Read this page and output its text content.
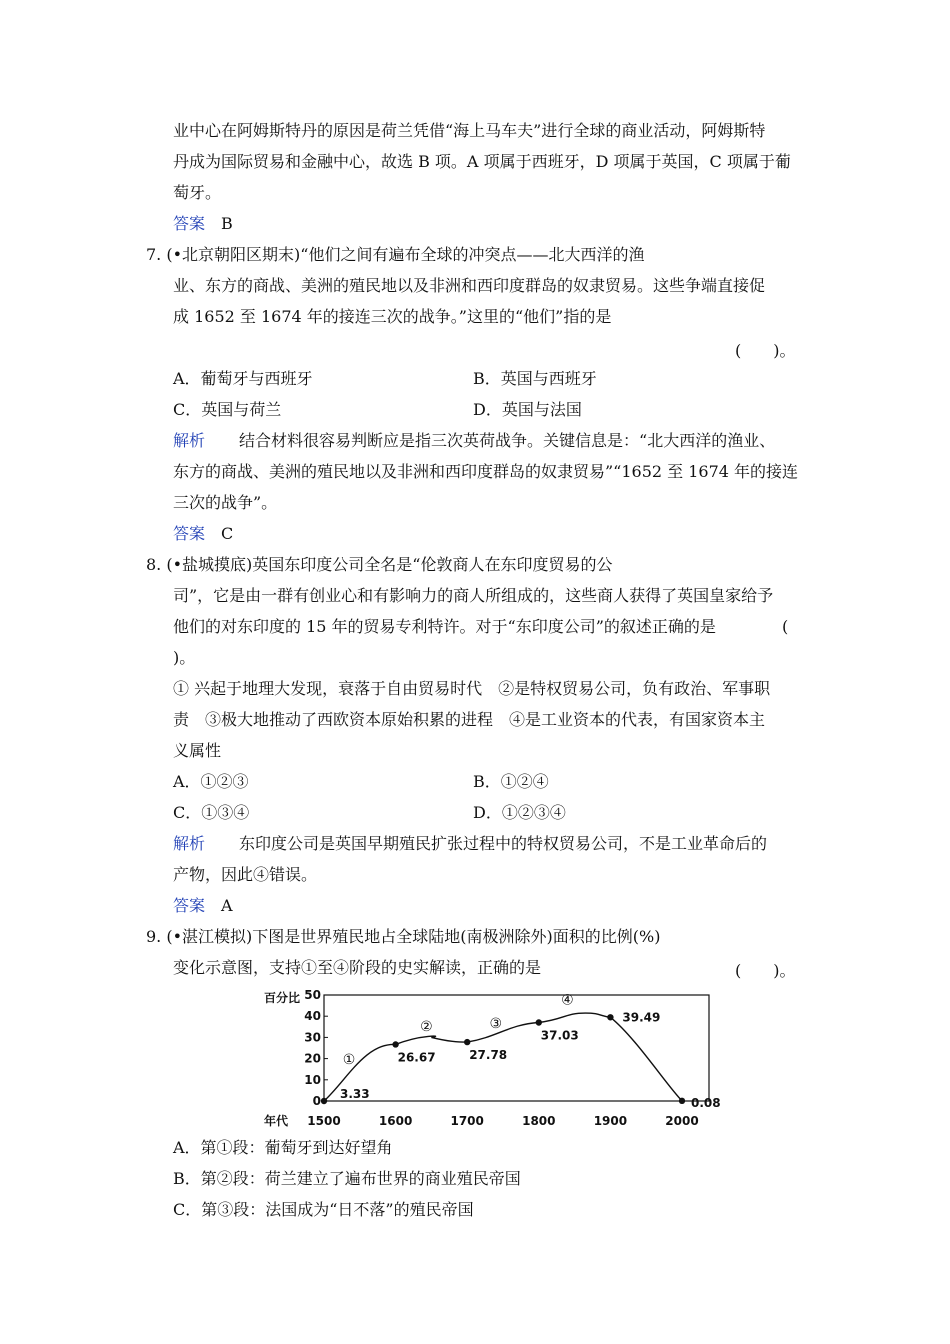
业中心在阿姆斯特丹的原因是荷兰凭借“海上马车夫”进行全球的商业活动，阿姆斯特
丹成为国际贸易和金融中心，故选 B 项。A 项属于西班牙，D 项属于英国，C 项属于葡
萄牙。
答案 B
7. (•北京朝阳区期末)“他们之间有遍布全球的冲突点——北大西洋的渔
业、东方的商战、美洲的殖民地以及非洲和西印度群岛的奴隶贸易。这些争端直接促
成 1652 至 1674 年的接连三次的战争。”这里的“他们”指的是
(　　)。
A．葡萄牙与西班牙	B．英国与西班牙
C．英国与荷兰	D．英国与法国
解析 结合材料很容易判断应是指三次英荷战争。关键信息是：“北大西洋的渔业、
东方的商战、美洲的殖民地以及非洲和西印度群岛的奴隶贸易”“1652 至 1674 年的接连
三次的战争”。
答案 C
8. (•盐城摸底)英国东印度公司全名是“伦敦商人在东印度贸易的公
司”，它是由一群有创业心和有影响力的商人所组成的，这些商人获得了英国皇家给予
他们的对东印度的 15 年的贸易专利特许。对于“东印度公司”的叙述正确的是	(
)。
① 兴起于地理大发现，衰落于自由贸易时代　②是特权贸易公司，负有政治、军事职
责　③极大地推动了西欧资本原始积累的进程　④是工业资本的代表，有国家资本主
义属性
A．①②③	B．①②④
C．①③④	D．①②③④
解析 东印度公司是英国早期殖民扩张过程中的特权贸易公司，不是工业革命后的
产物，因此④错误。
答案 A
9. (•湛江模拟)下图是世界殖民地占全球陆地(南极洲除外)面积的比例(%)
变化示意图，支持①至④阶段的史实解读，正确的是	(　　)。
百分比
年代
50
40
30
20
10
0
1500	1600	1700	1800	1900	2000
3.33
26.67	27.78
37.03
39.49
0.08
①
②	③
④
A．第①段：葡萄牙到达好望角
B．第②段：荷兰建立了遍布世界的商业殖民帝国
C．第③段：法国成为“日不落”的殖民帝国
